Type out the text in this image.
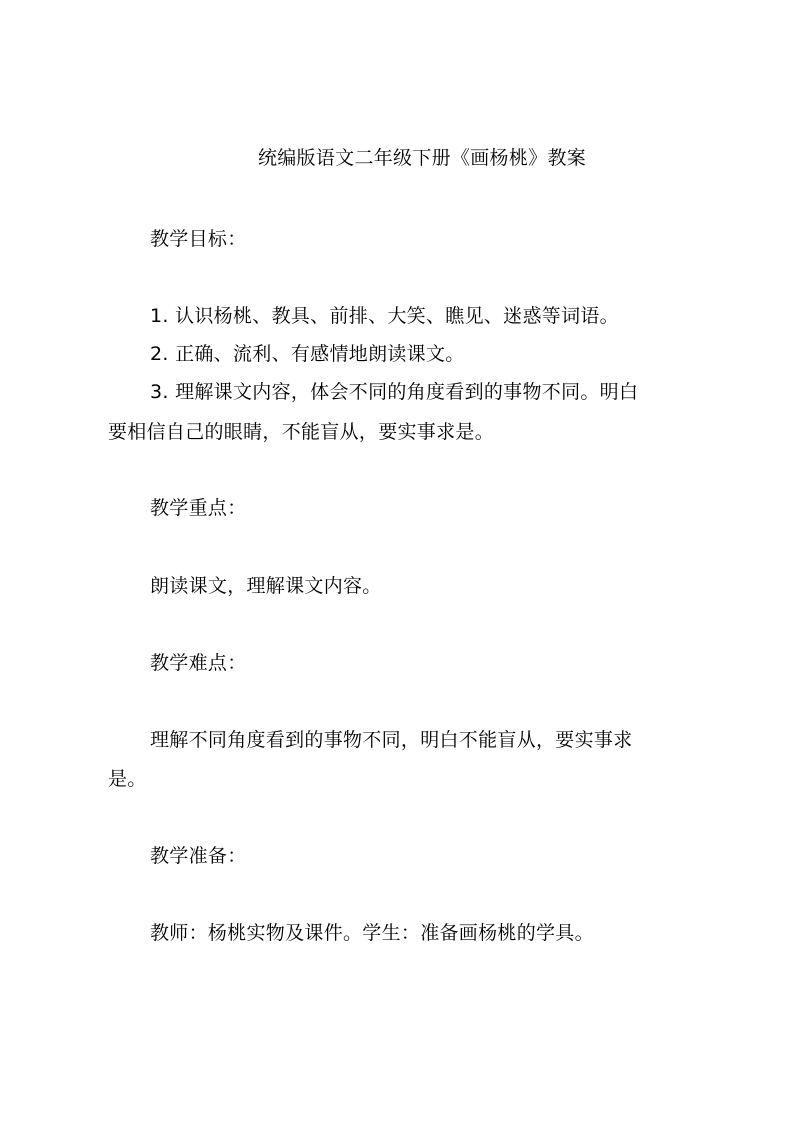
统编版语文二年级下册《画杨桃》教案
教学目标：
1. 认识杨桃、教具、前排、大笑、瞧见、迷惑等词语。
2. 正确、流利、有感情地朗读课文。
3. 理解课文内容，体会不同的角度看到的事物不同。明白
要相信自己的眼睛，不能盲从，要实事求是。
教学重点：
朗读课文，理解课文内容。
教学难点：
理解不同角度看到的事物不同，明白不能盲从，要实事求
是。
教学准备：
教师：杨桃实物及课件。学生：准备画杨桃的学具。
